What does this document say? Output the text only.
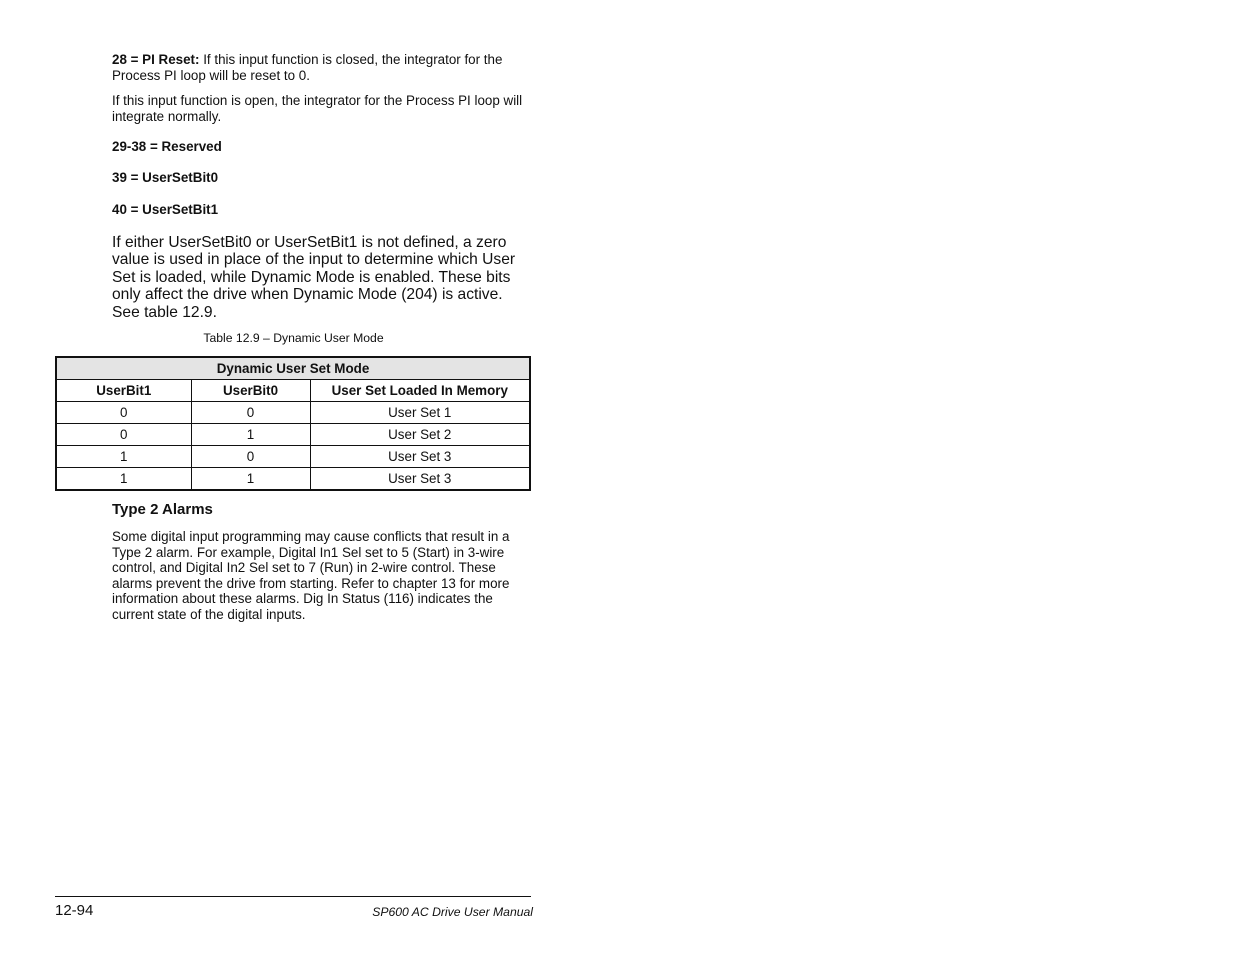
28 = PI Reset: If this input function is closed, the integrator for the Process PI loop will be reset to 0.
If this input function is open, the integrator for the Process PI loop will integrate normally.
29-38 = Reserved
39 = UserSetBit0
40 = UserSetBit1
If either UserSetBit0 or UserSetBit1 is not defined, a zero value is used in place of the input to determine which User Set is loaded, while Dynamic Mode is enabled. These bits only affect the drive when Dynamic Mode (204) is active. See table 12.9.
Table 12.9 – Dynamic User Mode
Dynamic User Set Mode		
UserBit1	UserBit0	User Set Loaded In Memory
0	0	User Set 1
0	1	User Set 2
1	0	User Set 3
1	1	User Set 3
Type 2 Alarms
Some digital input programming may cause conflicts that result in a Type 2 alarm. For example, Digital In1 Sel set to 5 (Start) in 3-wire control, and Digital In2 Sel set to 7 (Run) in 2-wire control. These alarms prevent the drive from starting. Refer to chapter 13 for more information about these alarms. Dig In Status (116) indicates the current state of the digital inputs.
12-94	SP600 AC Drive User Manual
